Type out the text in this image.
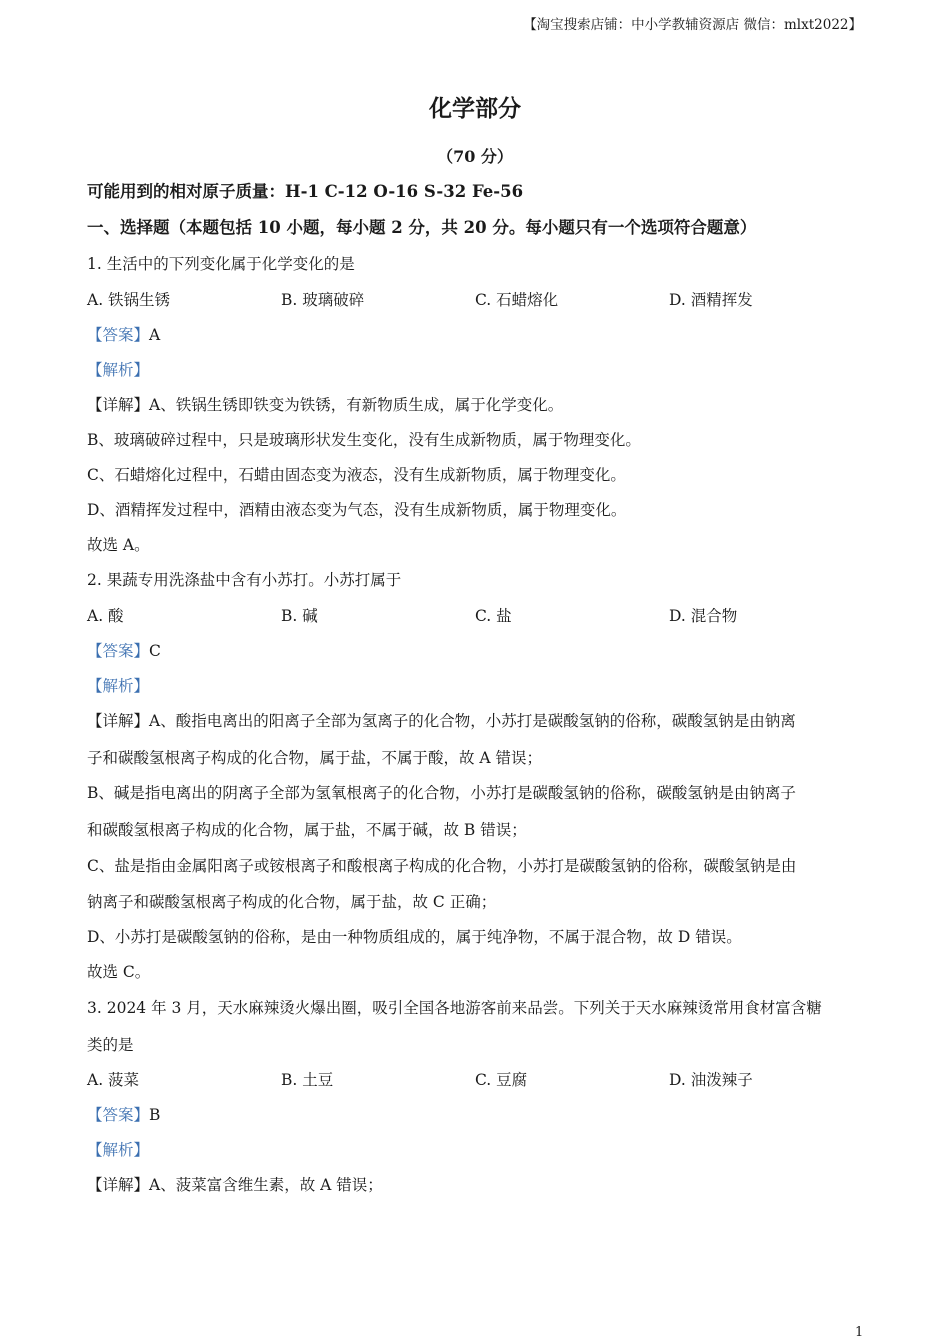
【淘宝搜索店铺：中小学教辅资源店 微信：mlxt2022】
化学部分
（70 分）
可能用到的相对原子质量：H-1 C-12 O-16 S-32 Fe-56
一、选择题（本题包括 10 小题，每小题 2 分，共 20 分。每小题只有一个选项符合题意）
1. 生活中的下列变化属于化学变化的是
A. 铁锅生锈	B. 玻璃破碎	C. 石蜡熔化	D. 酒精挥发
【答案】A
【解析】
【详解】A、铁锅生锈即铁变为铁锈，有新物质生成，属于化学变化。
B、玻璃破碎过程中，只是玻璃形状发生变化，没有生成新物质，属于物理变化。
C、石蜡熔化过程中，石蜡由固态变为液态，没有生成新物质，属于物理变化。
D、酒精挥发过程中，酒精由液态变为气态，没有生成新物质，属于物理变化。
故选 A。
2. 果蔬专用洗涤盐中含有小苏打。小苏打属于
A. 酸	B. 碱	C. 盐	D. 混合物
【答案】C
【解析】
【详解】A、酸指电离出的阳离子全部为氢离子的化合物，小苏打是碳酸氢钠的俗称，碳酸氢钠是由钠离
子和碳酸氢根离子构成的化合物，属于盐，不属于酸，故 A 错误；
B、碱是指电离出的阴离子全部为氢氧根离子的化合物，小苏打是碳酸氢钠的俗称，碳酸氢钠是由钠离子
和碳酸氢根离子构成的化合物，属于盐，不属于碱，故 B 错误；
C、盐是指由金属阳离子或铵根离子和酸根离子构成的化合物，小苏打是碳酸氢钠的俗称，碳酸氢钠是由
钠离子和碳酸氢根离子构成的化合物，属于盐，故 C 正确；
D、小苏打是碳酸氢钠的俗称，是由一种物质组成的，属于纯净物，不属于混合物，故 D 错误。
故选 C。
3. 2024 年 3 月，天水麻辣烫火爆出圈，吸引全国各地游客前来品尝。下列关于天水麻辣烫常用食材富含糖
类的是
A. 菠菜	B. 土豆	C. 豆腐	D. 油泼辣子
【答案】B
【解析】
【详解】A、菠菜富含维生素，故 A 错误；
1
